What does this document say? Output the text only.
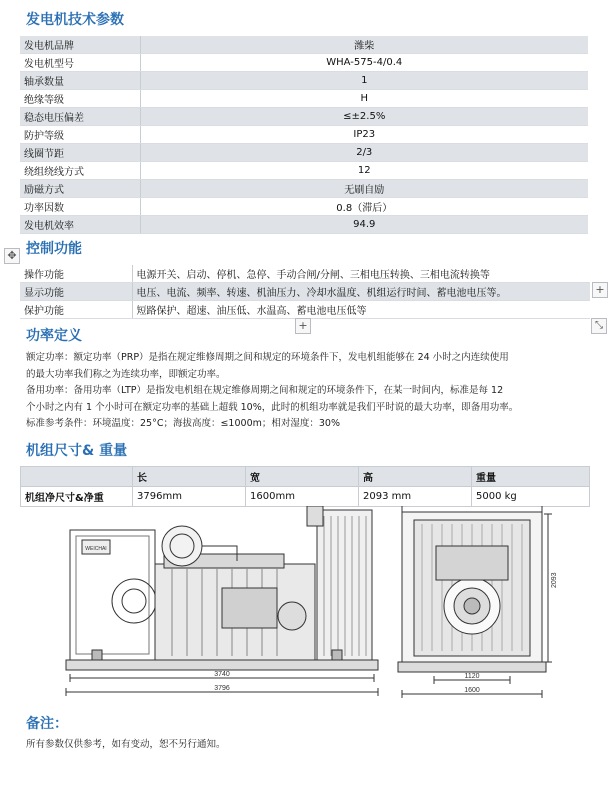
发电机技术参数
发电机品牌	潍柴
发电机型号	WHA-575-4/0.4
轴承数量	1
绝缘等级	H
稳态电压偏差	≤±2.5%
防护等级	IP23
线圈节距	2/3
绕组绕线方式	12
励磁方式	无刷自励
功率因数	0.8（滞后）
发电机效率	94.9
✥ 控制功能
操作功能	电源开关、启动、停机、急停、手动合闸/分闸、三相电压转换、三相电流转换等
显示功能	电压、电流、频率、转速、机油压力、冷却水温度、机组运行时间、蓄电池电压等。
保护功能	短路保护、超速、油压低、水温高、蓄电池电压低等
+
+
⤡
功率定义
额定功率：额定功率（PRP）是指在规定维修周期之间和规定的环境条件下，发电机组能够在 24 小时之内连续使用
的最大功率我们称之为连续功率，即额定功率。
备用功率：备用功率（LTP）是指发电机组在规定维修周期之间和规定的环境条件下，在某一时间内，标准是每 12
个小时之内有 1 个小时可在额定功率的基础上超载 10%，此时的机组功率就是我们平时说的最大功率，即备用功率。
标准参考条件：环境温度：25°C；海拔高度：≤1000m；相对湿度：30%
机组尺寸& 重量
	长	宽	高	重量
机组净尺寸&净重	3796mm	1600mm	2093 mm	5000 kg
3740
3796
WEICHAI
1120
1600
2093
备注：
所有参数仅供参考，如有变动，恕不另行通知。
